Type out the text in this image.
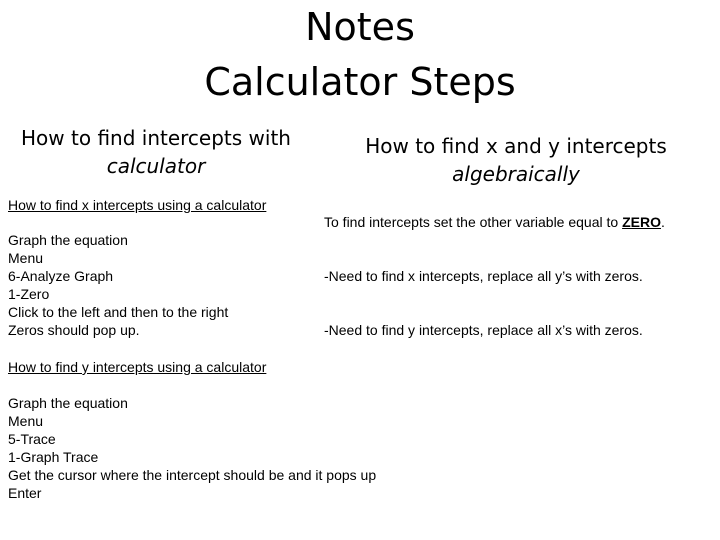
Notes
Calculator Steps
How to find intercepts with
calculator
How to find x and y intercepts
algebraically
How to find x intercepts using a calculator
Graph the equation
Menu
6-Analyze Graph
1-Zero
Click to the left and then to the right
Zeros should pop up.
How to find y intercepts using a calculator
Graph the equation
Menu
5-Trace
1-Graph Trace
Get the cursor where the intercept should be and it pops up
Enter
To find intercepts set the other variable equal to ZERO.
-Need to find x intercepts, replace all y’s with zeros.
-Need to find y intercepts, replace all x’s with zeros.
